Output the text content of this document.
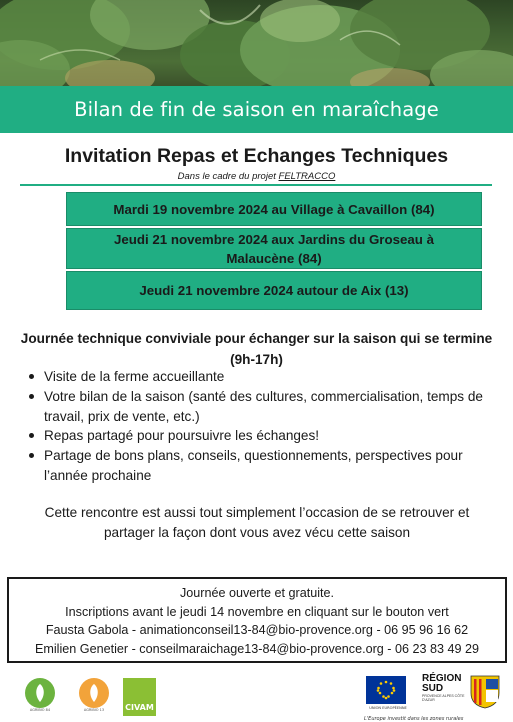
Bilan de fin de saison en maraîchage
Invitation Repas et Echanges Techniques
Dans le cadre du projet FELTRACCO
Mardi 19 novembre 2024 au Village à Cavaillon (84)
Jeudi 21 novembre 2024 aux Jardins du Groseau à Malaucène (84)
Jeudi 21 novembre 2024 autour de Aix (13)
Journée technique conviviale pour échanger sur la saison qui se termine (9h-17h)
Visite de la ferme accueillante
Votre bilan de la saison (santé des cultures, commercialisation, temps de travail, prix de vente, etc.)
Repas partagé pour poursuivre les échanges!
Partage de bons plans, conseils, questionnements, perspectives pour l’année prochaine
Cette rencontre est aussi tout simplement l’occasion de se retrouver et partager la façon dont vous avez vécu cette saison
Journée ouverte et gratuite.
Inscriptions avant le jeudi 14 novembre en cliquant sur le bouton vert
Fausta Gabola - animationconseil13-84@bio-provence.org - 06 95 96 16 62
Emilien Genetier - conseilmaraichage13-84@bio-provence.org - 06 23 83 49 29
AGRIBIO 84	AGRIBIO 13	CIVAM	UNION EUROPÉENNE
RÉGION
SUD
PROVENCE ALPES CÔTE D'AZUR
L'Europe investit dans les zones rurales
